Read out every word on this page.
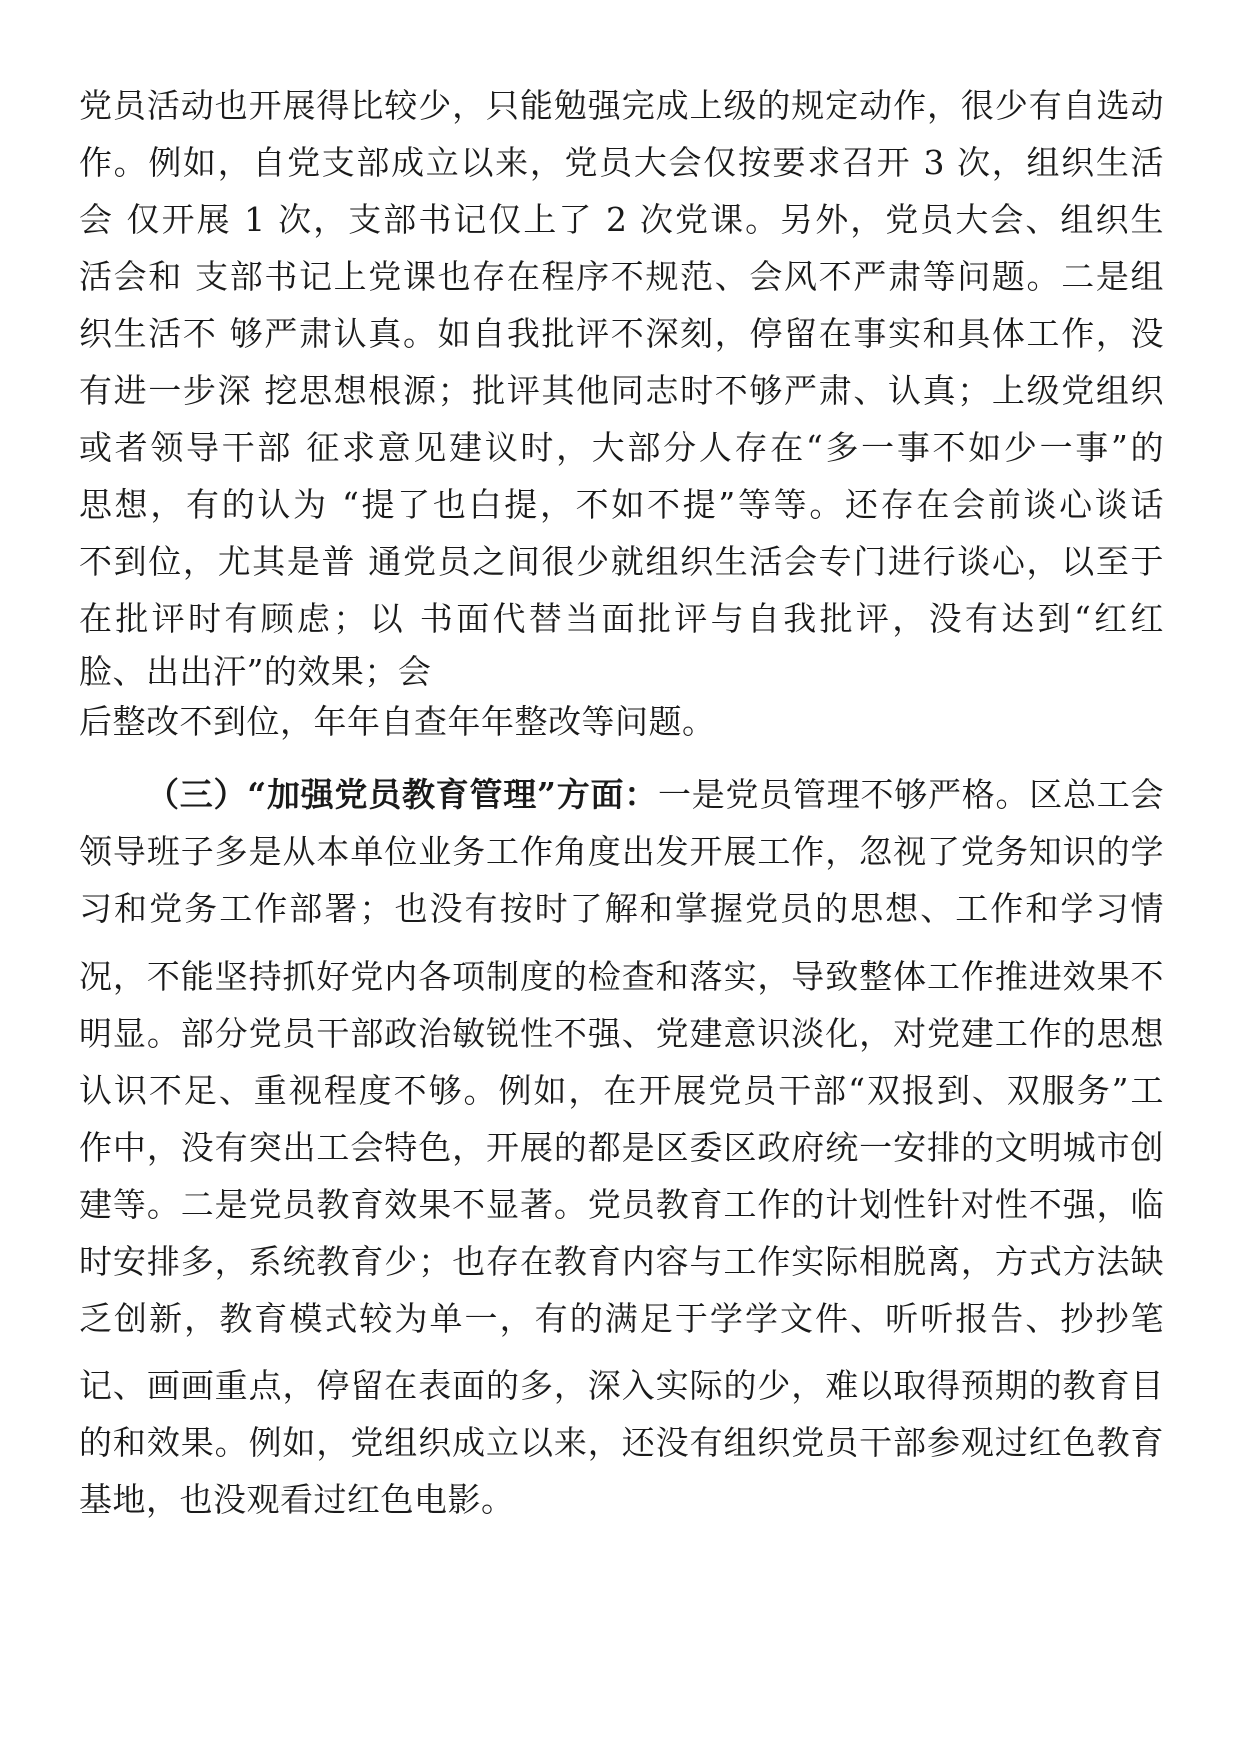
党员活动也开展得比较少，只能勉强完成上级的规定动作，很少有自选动
作。例如，自党支部成立以来，党员大会仅按要求召开 3 次，组织生活
会 仅开展 1 次，支部书记仅上了 2 次党课。另外，党员大会、组织生
活会和 支部书记上党课也存在程序不规范、会风不严肃等问题。二是组
织生活不 够严肃认真。如自我批评不深刻，停留在事实和具体工作，没
有进一步深 挖思想根源；批评其他同志时不够严肃、认真；上级党组织
或者领导干部 征求意见建议时，大部分人存在“多一事不如少一事”的
思想，有的认为 “提了也白提，不如不提”等等。还存在会前谈心谈话
不到位，尤其是普 通党员之间很少就组织生活会专门进行谈心，以至于
在批评时有顾虑；以 书面代替当面批评与自我批评，没有达到“红红
脸、出出汗”的效果；会
后整改不到位，年年自查年年整改等问题。
（三）“加强党员教育管理”方面：一是党员管理不够严格。区总工会
领导班子多是从本单位业务工作角度出发开展工作，忽视了党务知识的学
习和党务工作部署；也没有按时了解和掌握党员的思想、工作和学习情
况，不能坚持抓好党内各项制度的检查和落实，导致整体工作推进效果不
明显。部分党员干部政治敏锐性不强、党建意识淡化，对党建工作的思想
认识不足、重视程度不够。例如，在开展党员干部“双报到、双服务”工
作中，没有突出工会特色，开展的都是区委区政府统一安排的文明城市创
建等。二是党员教育效果不显著。党员教育工作的计划性针对性不强，临
时安排多，系统教育少；也存在教育内容与工作实际相脱离，方式方法缺
乏创新，教育模式较为单一，有的满足于学学文件、听听报告、抄抄笔
记、画画重点，停留在表面的多，深入实际的少，难以取得预期的教育目
的和效果。例如，党组织成立以来，还没有组织党员干部参观过红色教育
基地，也没观看过红色电影。
